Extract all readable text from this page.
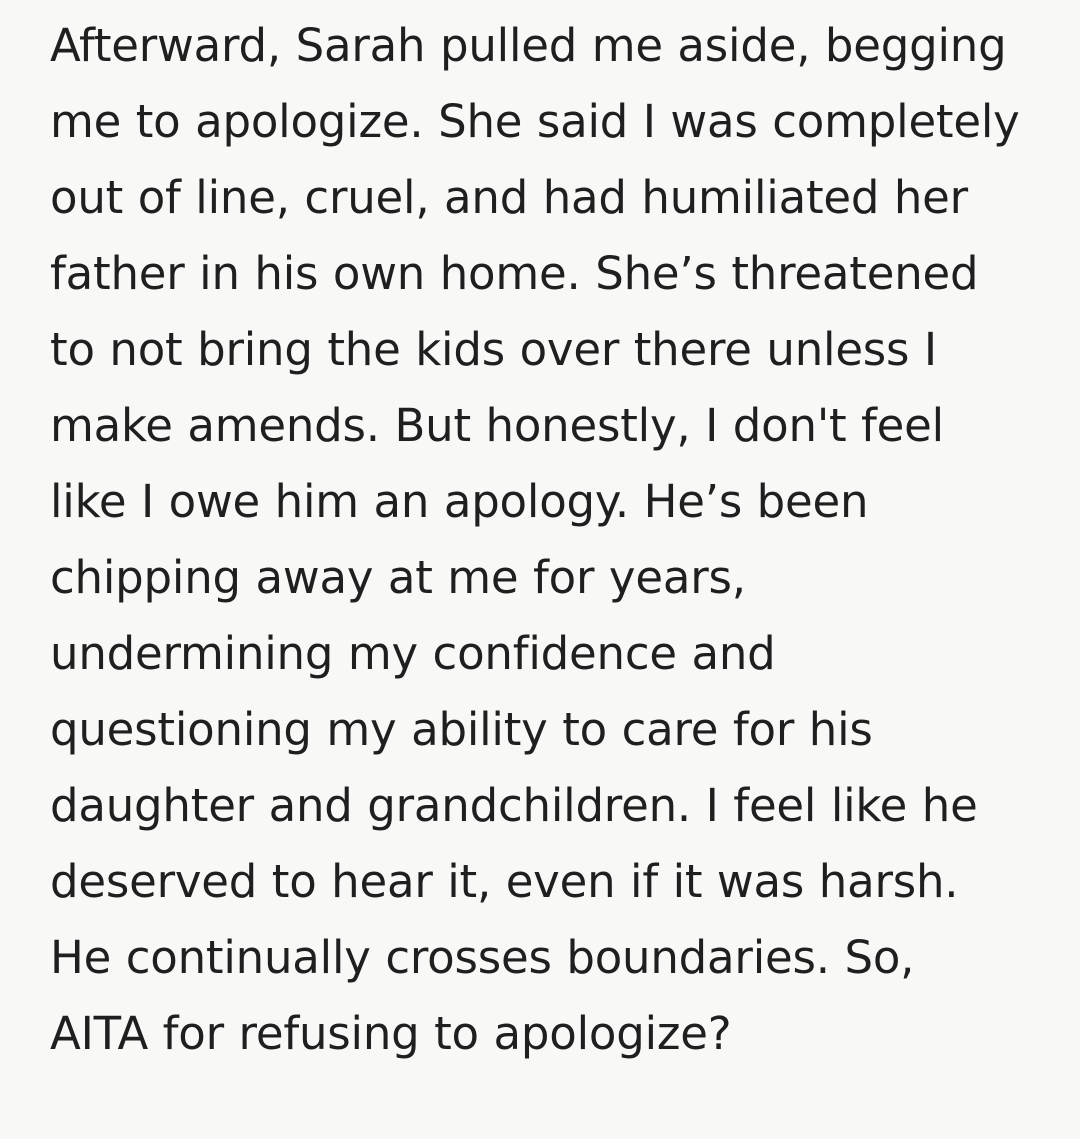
Afterward, Sarah pulled me aside, begging me to apologize. She said I was completely out of line, cruel, and had humiliated her father in his own home. She’s threatened to not bring the kids over there unless I make amends. But honestly, I don't feel like I owe him an apology. He’s been chipping away at me for years, undermining my confidence and questioning my ability to care for his daughter and grandchildren. I feel like he deserved to hear it, even if it was harsh. He continually crosses boundaries. So, AITA for refusing to apologize?
